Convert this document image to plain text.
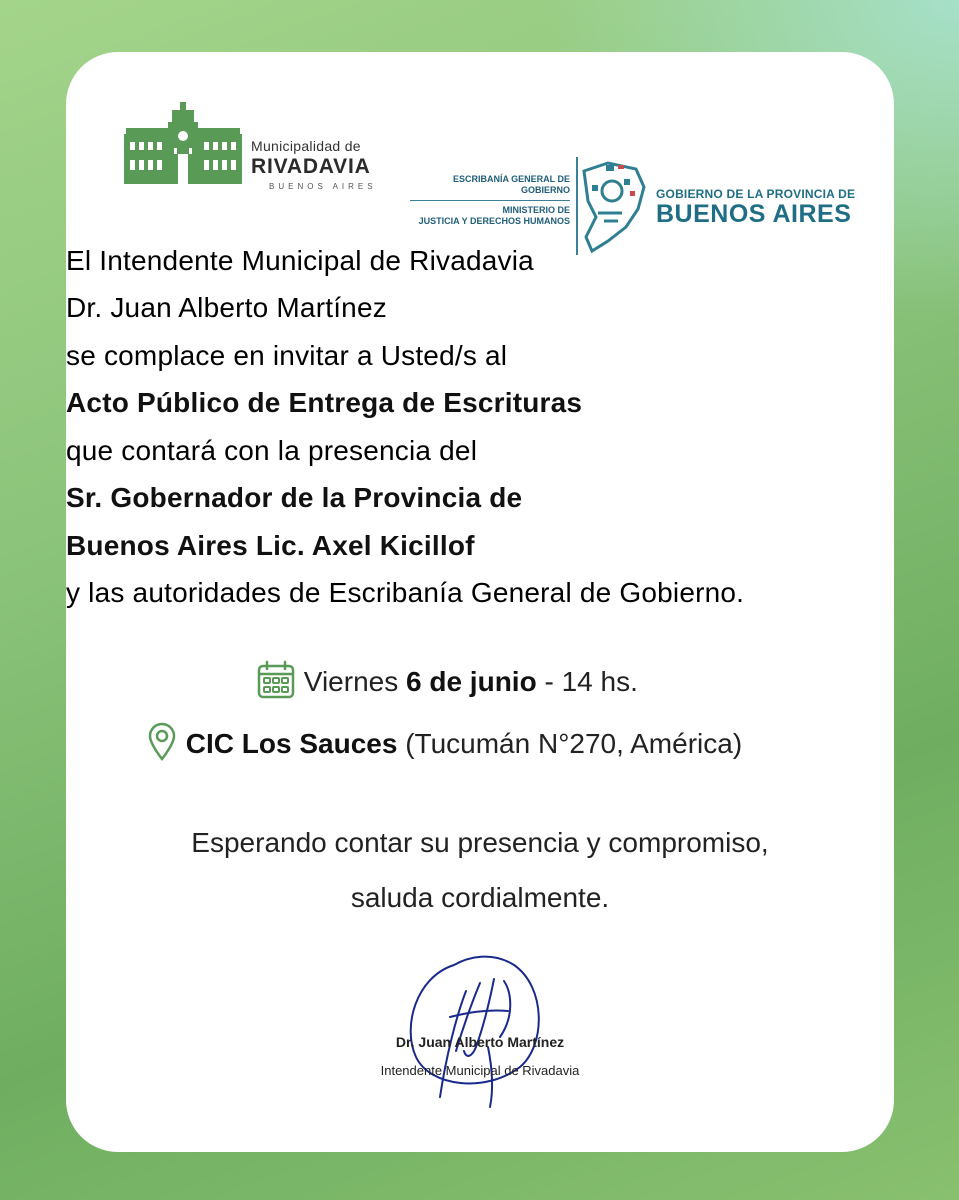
Municipalidad de
RIVADAVIA
BUENOS AIRES
ESCRIBANÍA GENERAL DE
GOBIERNO
MINISTERIO DE
JUSTICIA Y DERECHOS HUMANOS
GOBIERNO DE LA PROVINCIA DE
BUENOS AIRES
El Intendente Municipal de Rivadavia
Dr. Juan Alberto Martínez
se complace en invitar a Usted/s al
Acto Público de Entrega de Escrituras
que contará con la presencia del
Sr. Gobernador de la Provincia de
Buenos Aires Lic. Axel Kicillof
y las autoridades de Escribanía General de Gobierno.
Viernes 6 de junio - 14 hs.
CIC Los Sauces (Tucumán N°270, América)
Esperando contar su presencia y compromiso,
saluda cordialmente.
Dr. Juan Alberto Martínez
Intendente Municipal de Rivadavia
